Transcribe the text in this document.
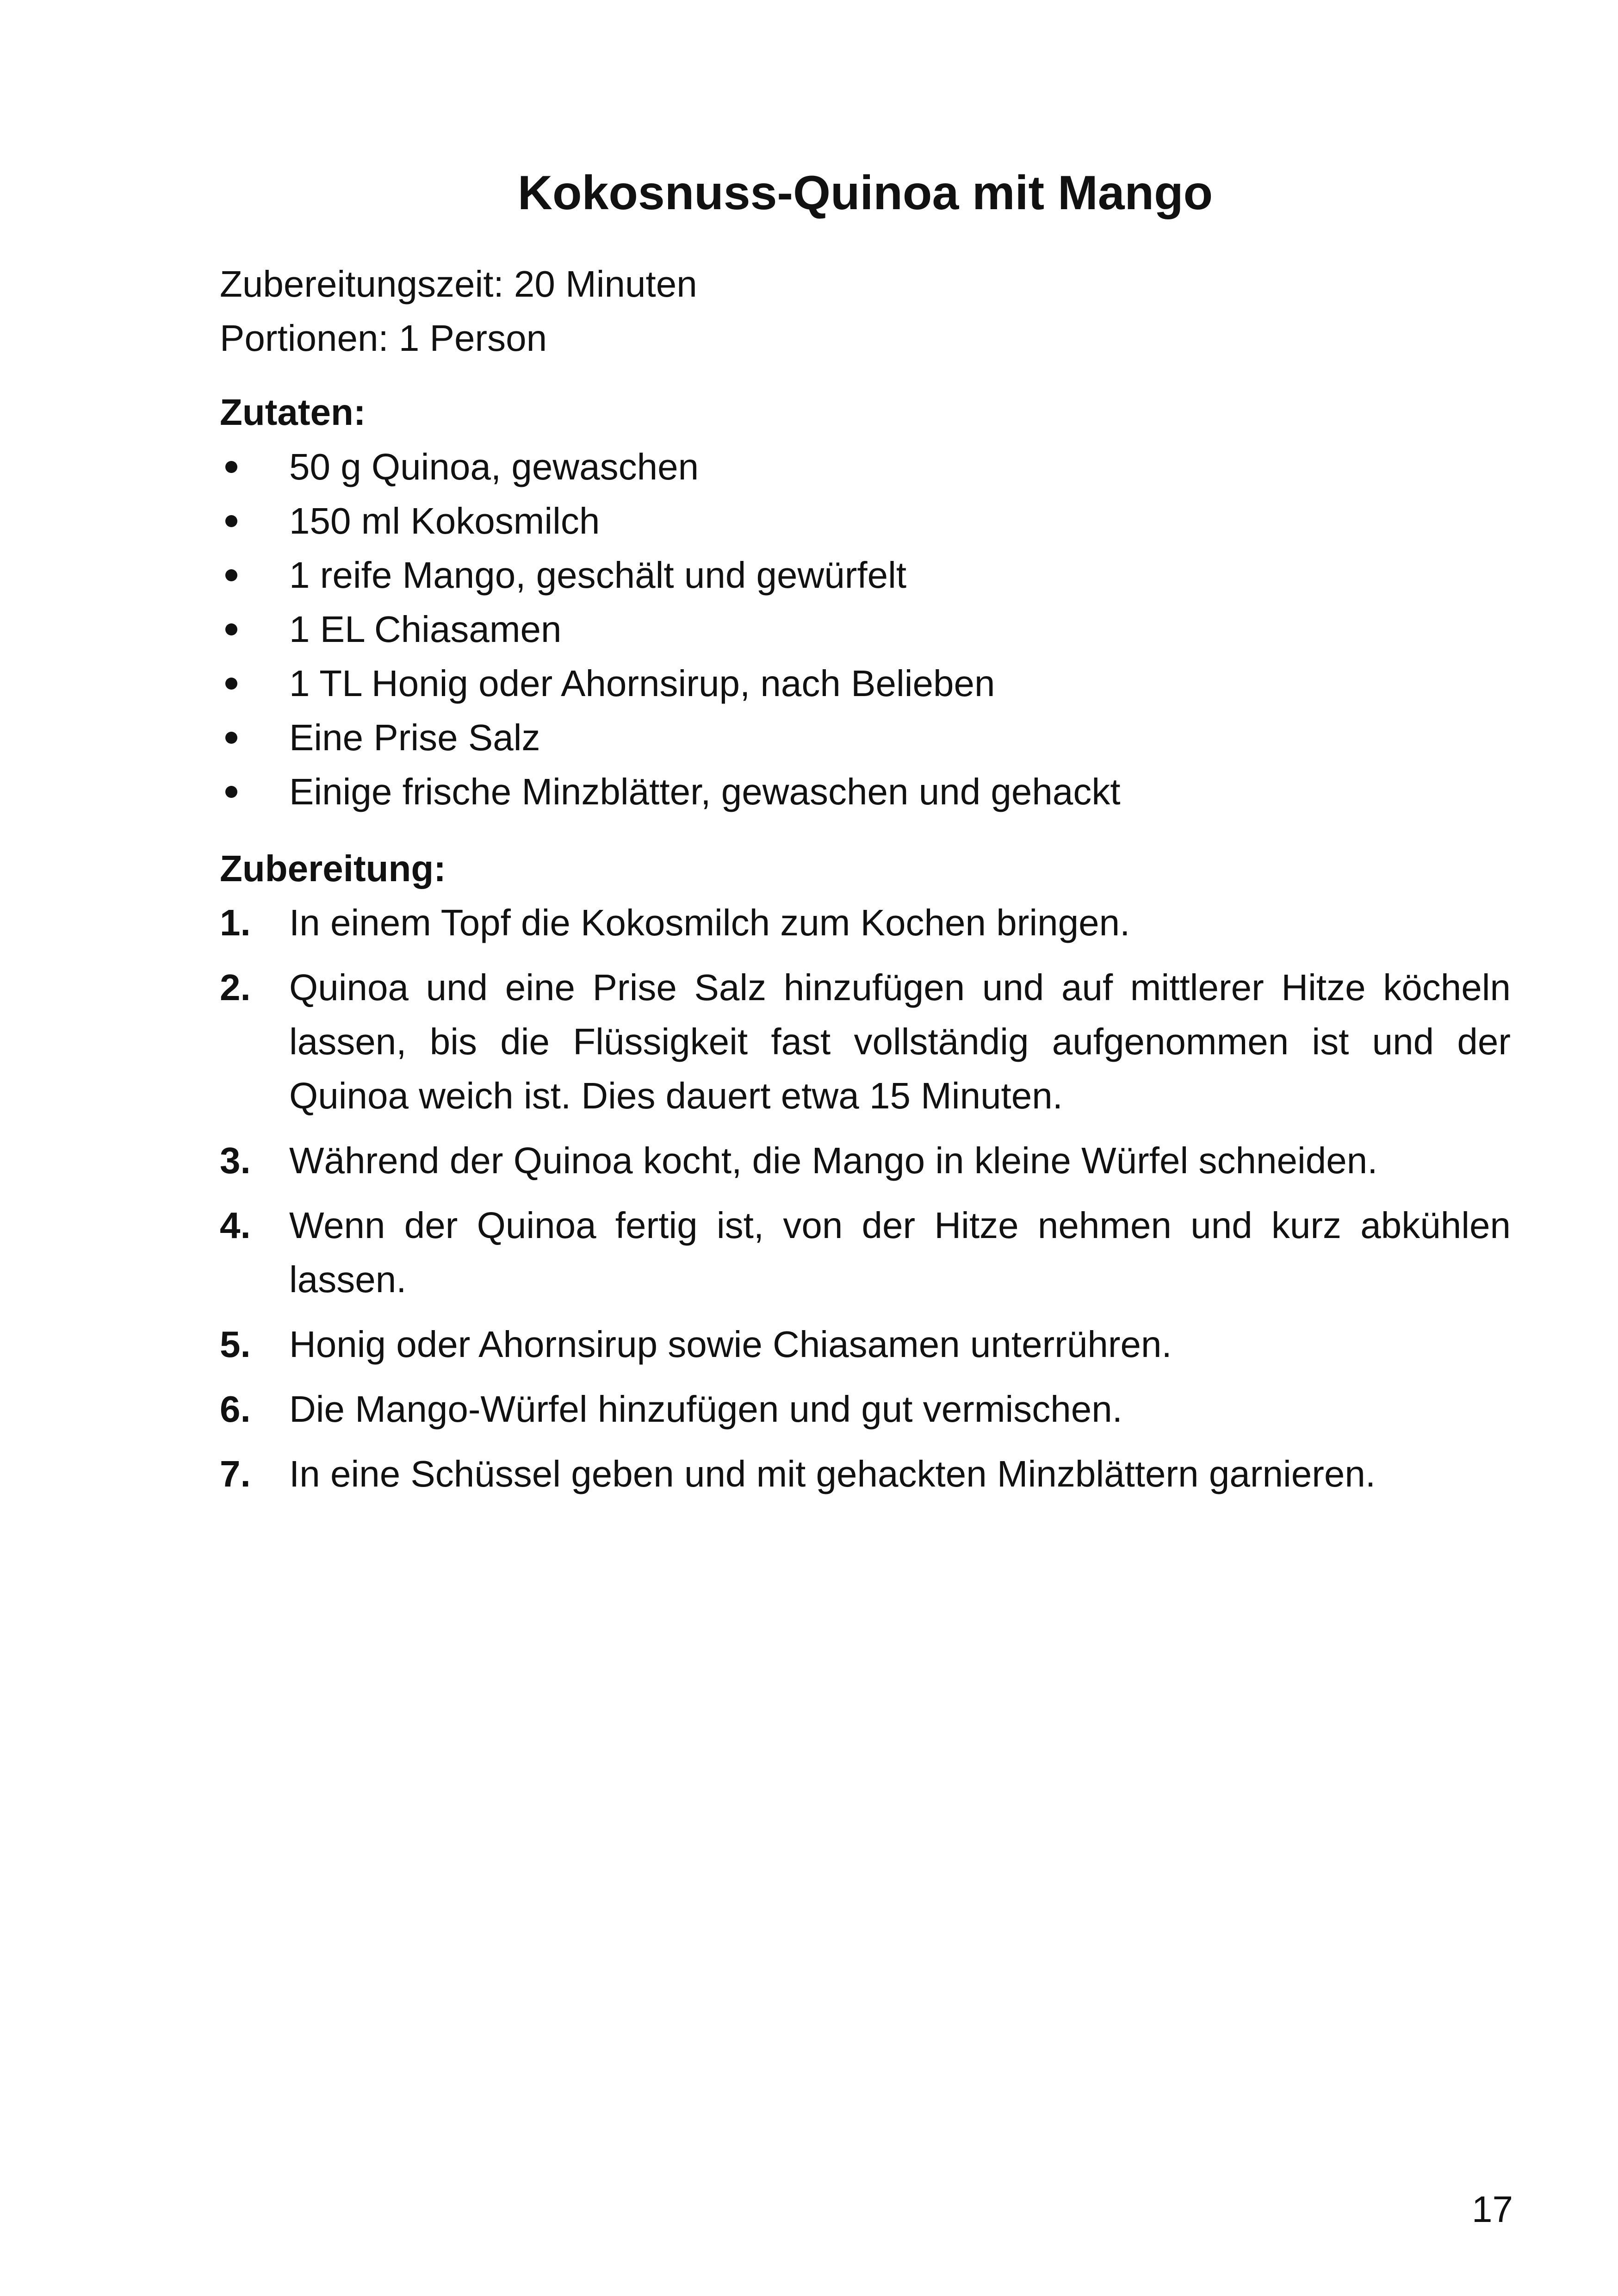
Kokosnuss-Quinoa mit Mango
Zubereitungszeit: 20 Minuten
Portionen: 1 Person
Zutaten:
50 g Quinoa, gewaschen
150 ml Kokosmilch
1 reife Mango, geschält und gewürfelt
1 EL Chiasamen
1 TL Honig oder Ahornsirup, nach Belieben
Eine Prise Salz
Einige frische Minzblätter, gewaschen und gehackt
Zubereitung:
1. In einem Topf die Kokosmilch zum Kochen bringen.
2. Quinoa und eine Prise Salz hinzufügen und auf mittlerer Hitze köcheln lassen, bis die Flüssigkeit fast vollständig aufgenommen ist und der Quinoa weich ist. Dies dauert etwa 15 Minuten.
3. Während der Quinoa kocht, die Mango in kleine Würfel schneiden.
4. Wenn der Quinoa fertig ist, von der Hitze nehmen und kurz abkühlen lassen.
5. Honig oder Ahornsirup sowie Chiasamen unterrühren.
6. Die Mango-Würfel hinzufügen und gut vermischen.
7. In eine Schüssel geben und mit gehackten Minzblättern garnieren.
17
